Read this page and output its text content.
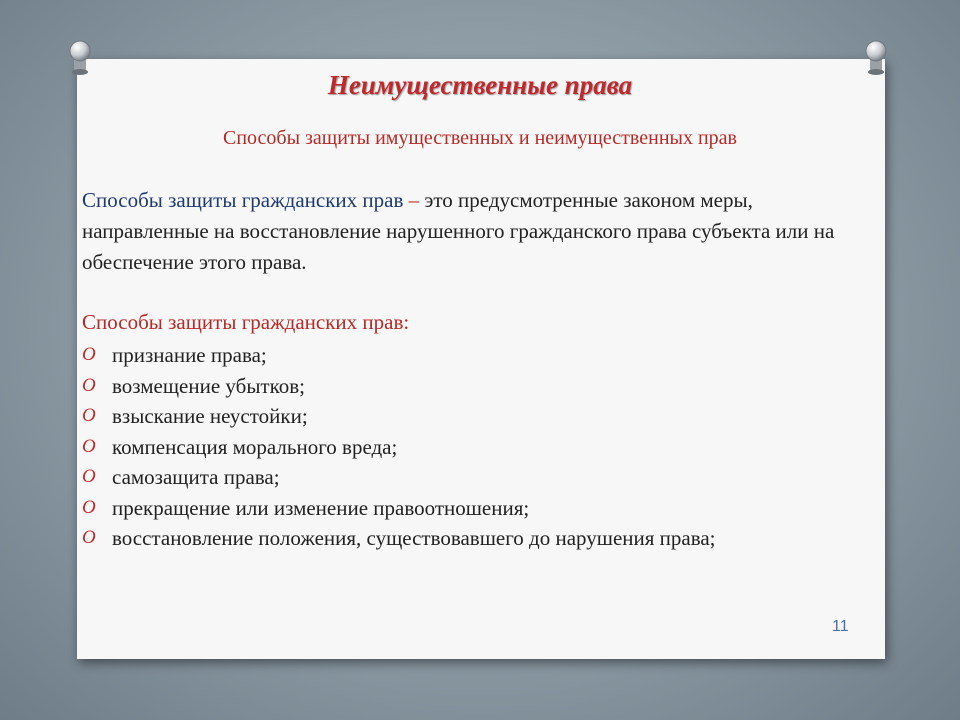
Неимущественные права
Способы защиты имущественных и неимущественных прав
Способы защиты гражданских прав – это предусмотренные законом меры, направленные на восстановление нарушенного гражданского права субъекта или на обеспечение этого права.
Способы защиты гражданских прав:
O признание права;
O возмещение убытков;
O взыскание неустойки;
O компенсация морального вреда;
O самозащита права;
O прекращение или изменение правоотношения;
O восстановление положения, существовавшего до нарушения права;
11
